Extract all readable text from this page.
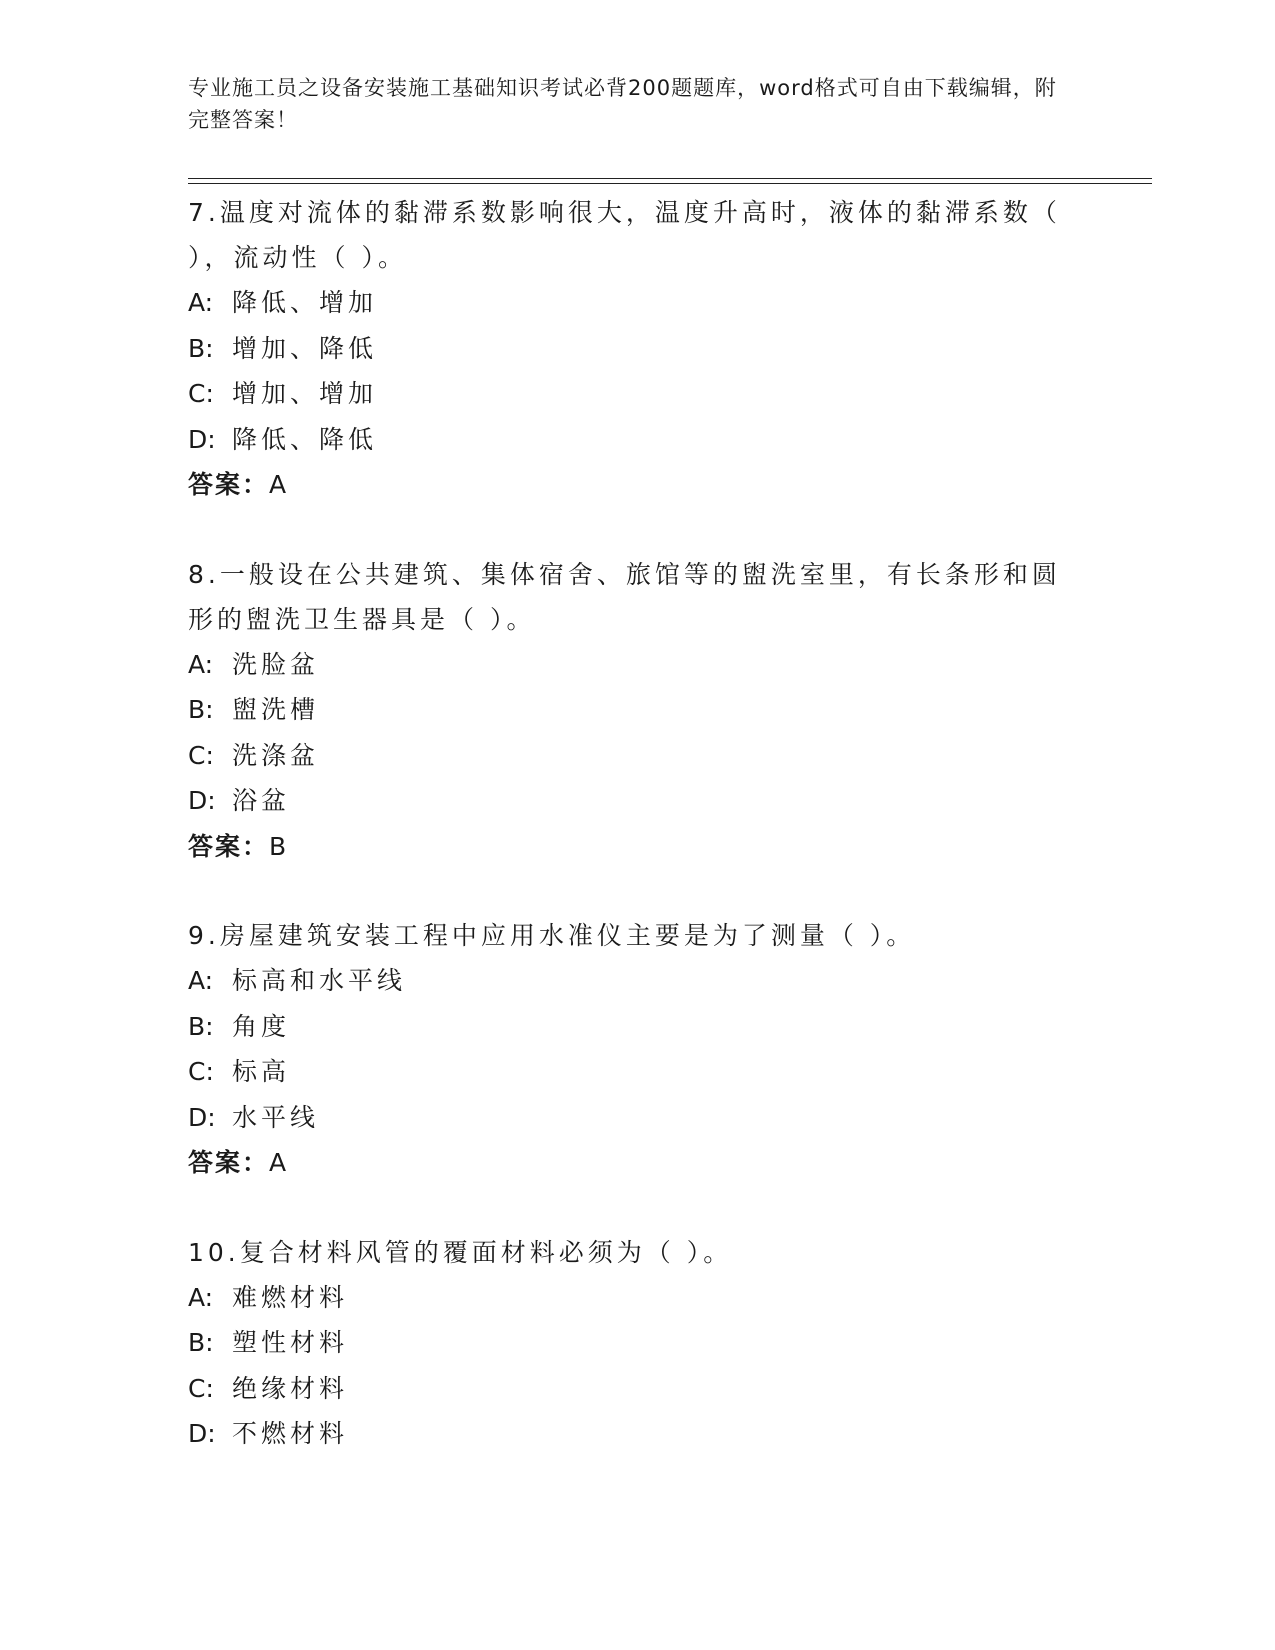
专业施工员之设备安装施工基础知识考试必背200题题库，word格式可自由下载编辑，附完整答案！

7.温度对流体的黏滞系数影响很大，温度升高时，液体的黏滞系数（ ），流动性（ ）。

A: 降低、增加

B: 增加、降低

C: 增加、增加

D: 降低、降低

答案：A

8.一般设在公共建筑、集体宿舍、旅馆等的盥洗室里，有长条形和圆形的盥洗卫生器具是（ ）。

A: 洗脸盆

B: 盥洗槽

C: 洗涤盆

D: 浴盆

答案：B

9.房屋建筑安装工程中应用水准仪主要是为了测量（ ）。

A: 标高和水平线

B: 角度

C: 标高

D: 水平线

答案：A

10.复合材料风管的覆面材料必须为（ ）。

A: 难燃材料

B: 塑性材料

C: 绝缘材料

D: 不燃材料
